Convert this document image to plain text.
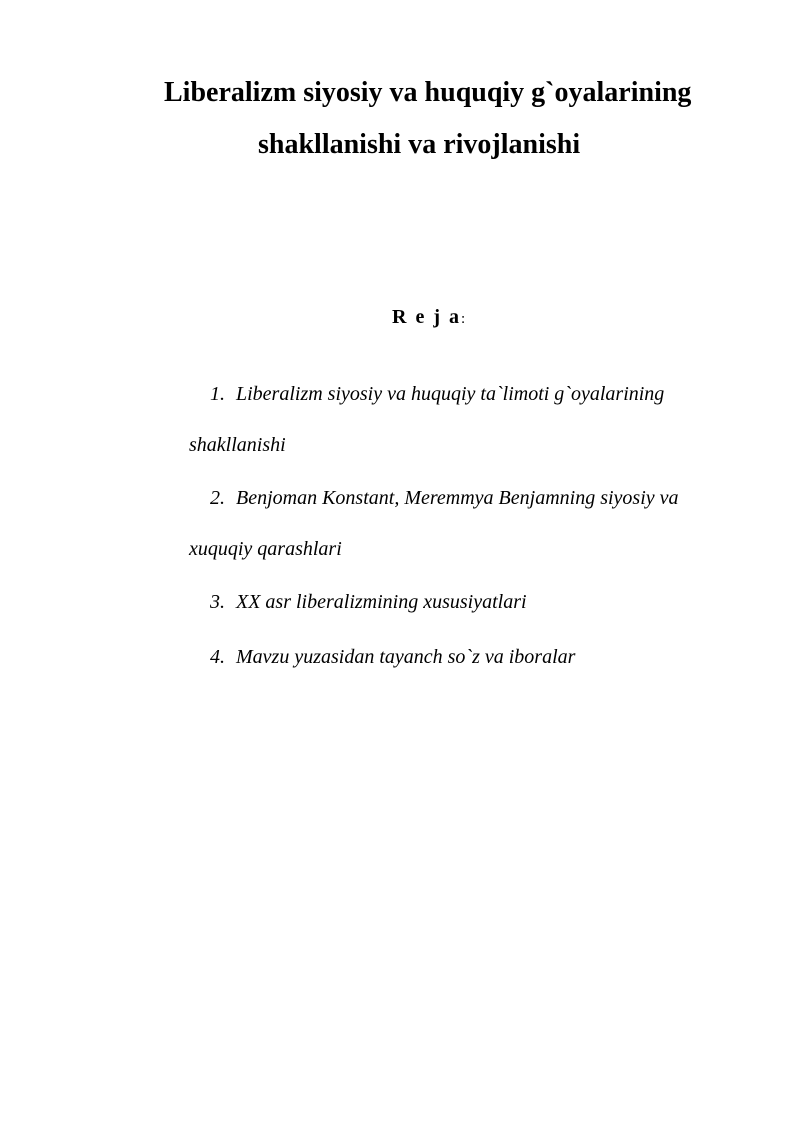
Liberalizm siyosiy va huquqiy g`oyalarining
shakllanishi va rivojlanishi
R e j a:
1. Liberalizm siyosiy va huquqiy ta`limoti g`oyalarining
shakllanishi
2. Benjoman Konstant, Meremmya Benjamning siyosiy va
xuquqiy qarashlari
3. XX asr liberalizmining xususiyatlari
4. Mavzu yuzasidan tayanch so`z va iboralar
